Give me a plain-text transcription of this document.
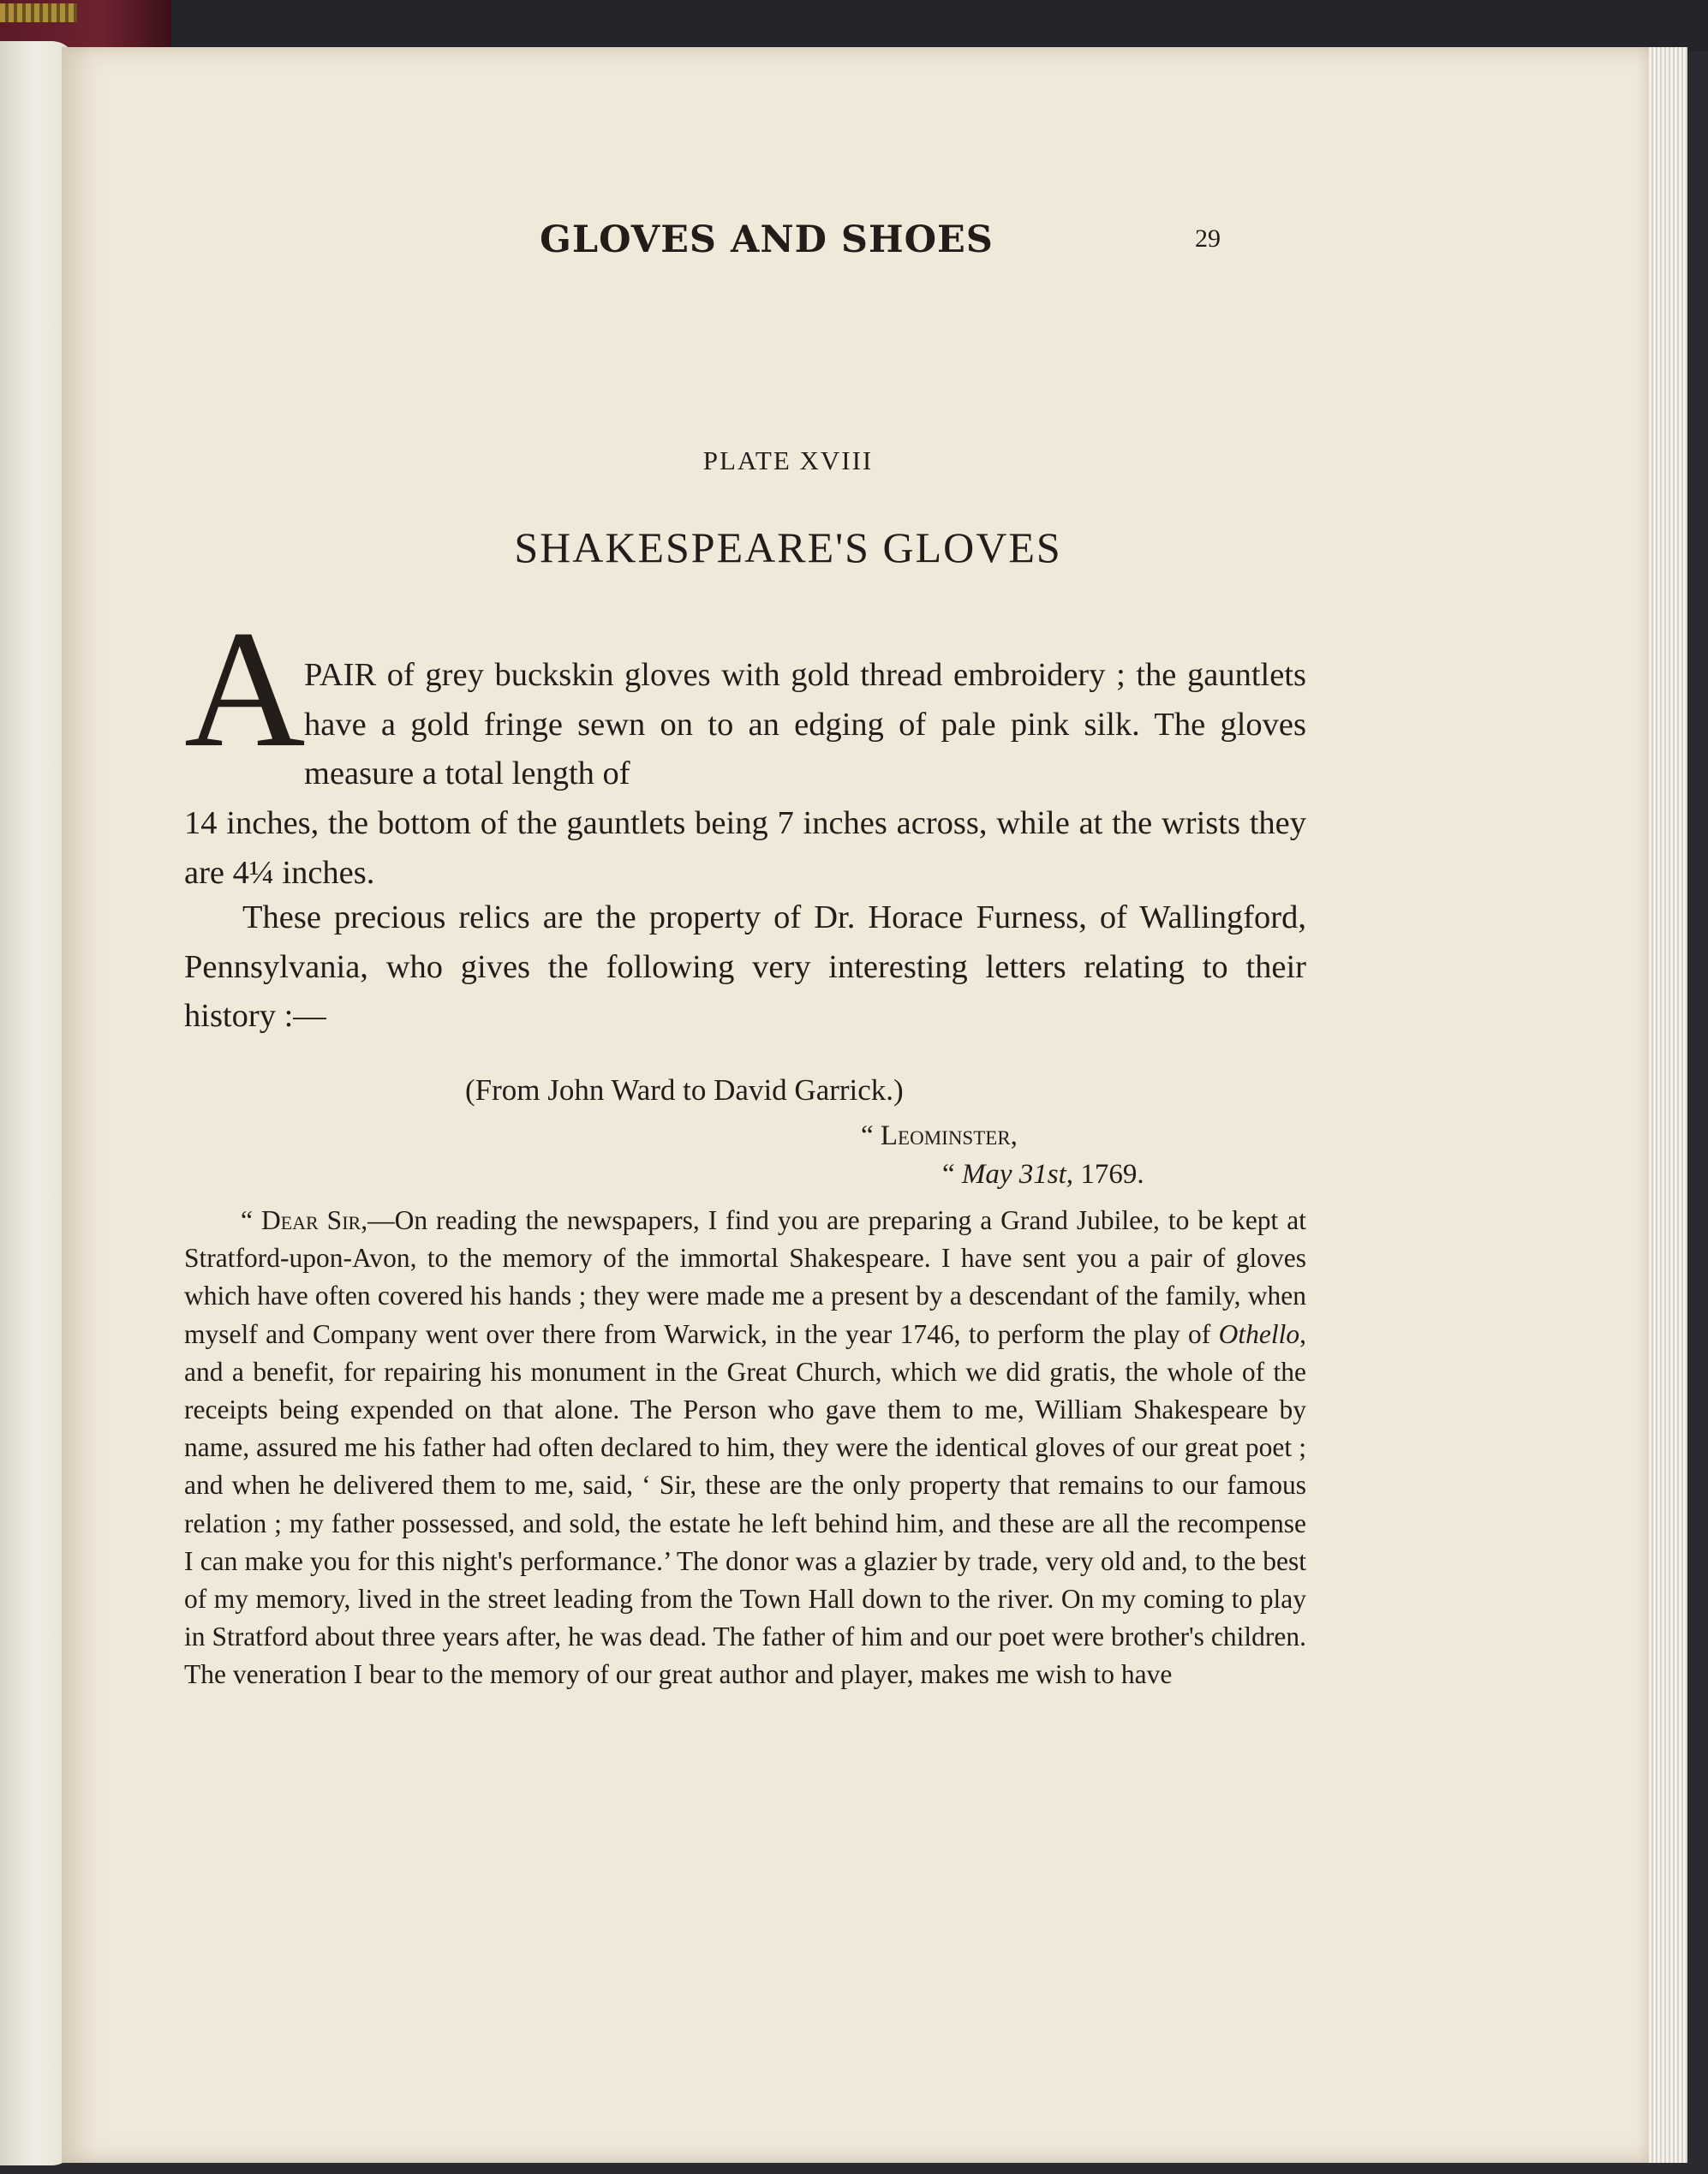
GLOVES AND SHOES	29

PLATE XVIII

SHAKESPEARE'S GLOVES

A

PAIR of grey buckskin gloves with gold thread embroidery ; the gauntlets have a gold fringe sewn on to an edging of pale pink silk. The gloves measure a total length of

14 inches, the bottom of the gauntlets being 7 inches across, while at the wrists they are 4¼ inches.

These precious relics are the property of Dr. Horace Furness, of Wallingford, Pennsylvania, who gives the following very interesting letters relating to their history :—

(From John Ward to David Garrick.)

“ Leominster,

“ May 31st, 1769.

“ Dear Sir,—On reading the newspapers, I find you are preparing a Grand Jubilee, to be kept at Stratford-upon-Avon, to the memory of the immortal Shakespeare. I have sent you a pair of gloves which have often covered his hands ; they were made me a present by a descendant of the family, when myself and Company went over there from Warwick, in the year 1746, to perform the play of Othello, and a benefit, for repairing his monument in the Great Church, which we did gratis, the whole of the receipts being expended on that alone. The Person who gave them to me, William Shakespeare by name, assured me his father had often declared to him, they were the identical gloves of our great poet ; and when he delivered them to me, said, ‘ Sir, these are the only property that remains to our famous relation ; my father possessed, and sold, the estate he left behind him, and these are all the recompense I can make you for this night's performance.’ The donor was a glazier by trade, very old and, to the best of my memory, lived in the street leading from the Town Hall down to the river. On my coming to play in Stratford about three years after, he was dead. The father of him and our poet were brother's children. The veneration I bear to the memory of our great author and player, makes me wish to have
